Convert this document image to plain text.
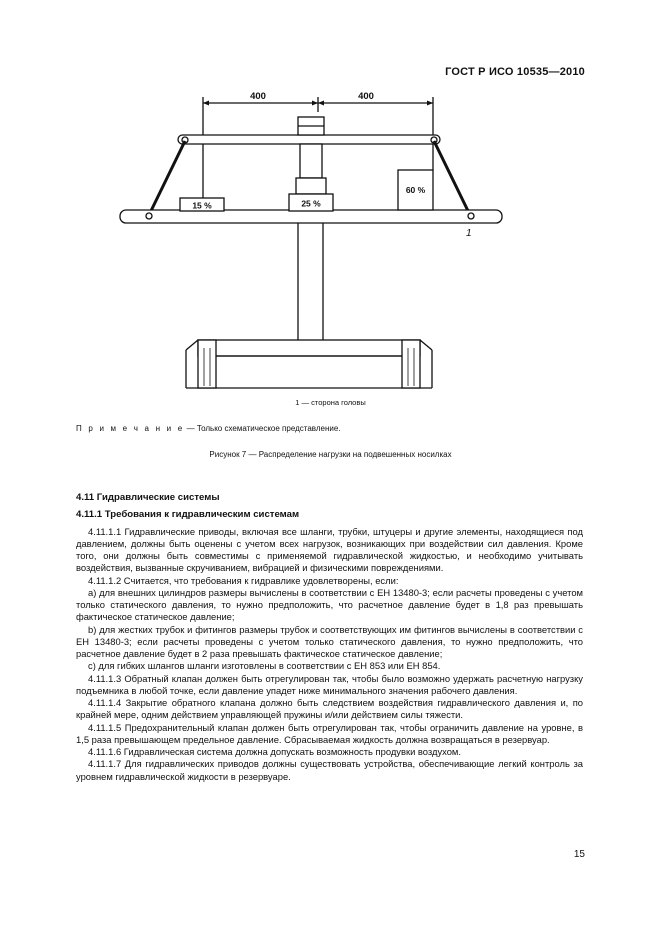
ГОСТ Р ИСО 10535—2010
400	400
15 %	25 %
60 %
1
1 — сторона головы
П р и м е ч а н и е — Только схематическое представление.
Рисунок 7 — Распределение нагрузки на подвешенных носилках
4.11 Гидравлические системы
4.11.1 Требования к гидравлическим системам

4.11.1.1 Гидравлические приводы, включая все шланги, трубки, штуцеры и другие элементы, находящиеся под давлением, должны быть оценены с учетом всех нагрузок, возникающих при воздействии сил давления. Кроме того, они должны быть совместимы с применяемой гидравлической жидкостью, и необходимо учитывать воздействия, вызванные скручиванием, вибрацией и физическими повреждениями.

4.11.1.2 Считается, что требования к гидравлике удовлетворены, если:

а) для внешних цилиндров размеры вычислены в соответствии с ЕН 13480-3; если расчеты проведены с учетом только статического давления, то нужно предположить, что расчетное давление будет в 1,8 раз превышать фактическое статическое давление;

b) для жестких трубок и фитингов размеры трубок и соответствующих им фитингов вычислены в соответствии с ЕН 13480-3; если расчеты проведены с учетом только статического давления, то нужно предположить, что расчетное давление будет в 2 раза превышать фактическое статическое давление;

с) для гибких шлангов шланги изготовлены в соответствии с ЕН 853 или ЕН 854.

4.11.1.3 Обратный клапан должен быть отрегулирован так, чтобы было возможно удержать расчетную нагрузку подъемника в любой точке, если давление упадет ниже минимального значения рабочего давления.

4.11.1.4 Закрытие обратного клапана должно быть следствием воздействия гидравлического давления и, по крайней мере, одним действием управляющей пружины и/или действием силы тяжести.

4.11.1.5 Предохранительный клапан должен быть отрегулирован так, чтобы ограничить давление на уровне, в 1,5 раза превышающем предельное давление. Сбрасываемая жидкость должна возвращаться в резервуар.

4.11.1.6 Гидравлическая система должна допускать возможность продувки воздухом.

4.11.1.7 Для гидравлических приводов должны существовать устройства, обеспечивающие легкий контроль за уровнем гидравлической жидкости в резервуаре.

15
